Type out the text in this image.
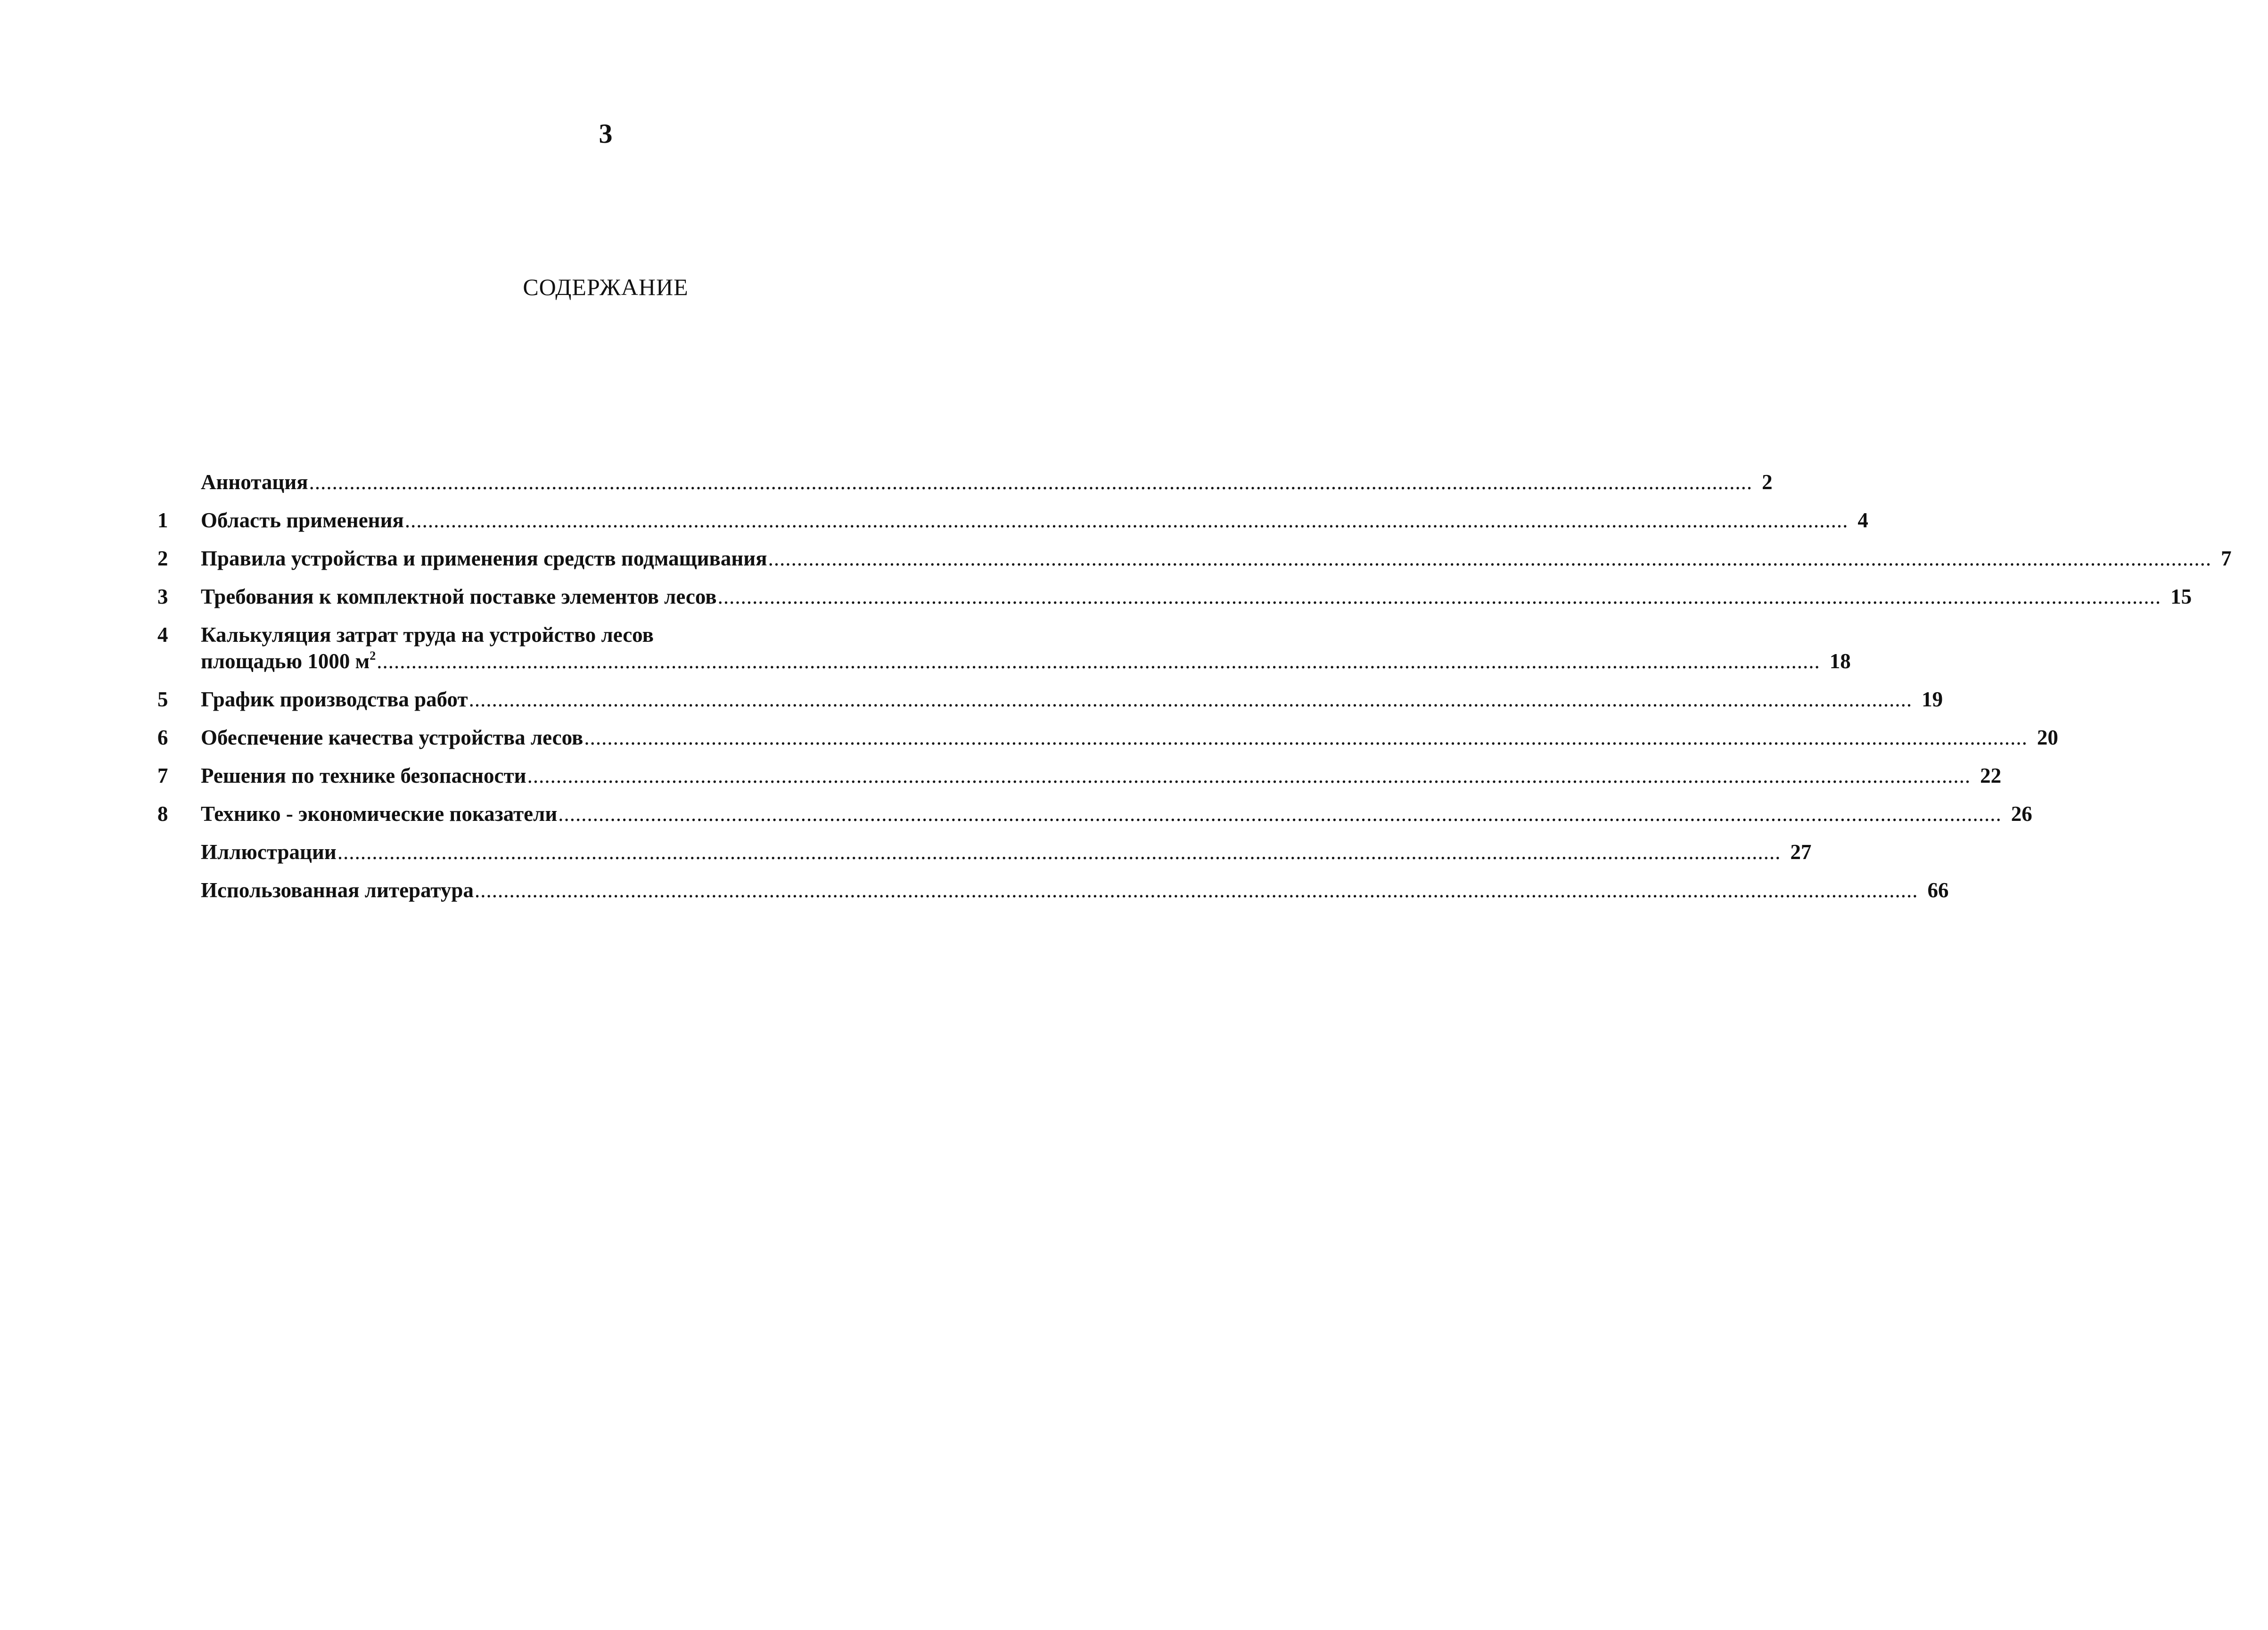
3
СОДЕРЖАНИЕ
Аннотация .....	2
1	Область применения .....	4
2	Правила устройства и применения средств подмащивания .....	7
3	Требования к комплектной поставке элементов лесов .....	15
4	Калькуляция затрат труда на устройство лесов
площадью 1000 $м^2$ .....	18
5	График производства работ .....	19
6	Обеспечение качества устройства лесов .....	20
7	Решения по технике безопасности .....	22
8	Технико - экономические показатели .....	26
Иллюстрации .....	27
Использованная литература .....	66
